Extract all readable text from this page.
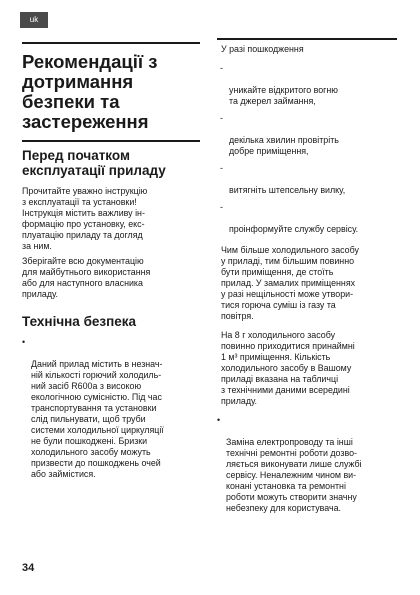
uk
Рекомендації з дотримання безпеки та застереження
Перед початком експлуатації приладу

Прочитайте уважно інструкцію
з експлуатації та установки!
Інструкція містить важливу ін-
формацію про установку, екс-
плуатацію приладу та догляд
за ним.

Зберігайте всю документацію
для майбутнього використання
або для наступного власника
приладу.

Технічна безпека

•

Даний прилад містить в незнач-
ній кількості горючий холодиль-
ний засіб R600a з високою
екологічною сумісністю. Під час
транспортування та установки
слід пильнувати, щоб труби
системи холодильної циркуляції
не були пошкоджені. Бризки
холодильного засобу можуть
призвести до пошкоджень очей
або займістися.

У разі пошкодження

-

уникайте відкритого вогню
та джерел займання,

-

декілька хвилин провітріть
добре приміщення,

-

витягніть штепсельну вилку,

-

проінформуйте службу сервісу.

Чим більше холодильного засобу
у приладі, тим більшим повинно
бути приміщення, де стоїть
прилад. У замалих приміщеннях
у разі нещільності може утвори-
тися горюча суміш із газу та
повітря.

На 8 г холодильного засобу
повинно приходитися принаймні
1 м³ приміщення. Кількість
холодильного засобу в Вашому
приладі вказана на табличці
з технічними даними всередині
приладу.

•

Заміна електропроводу та інші
технічні ремонтні роботи дозво-
ляється виконувати лише службі
сервісу. Неналежним чином ви-
конані установка та ремонтні
роботи можуть створити значну
небезпеку для користувача.

34
